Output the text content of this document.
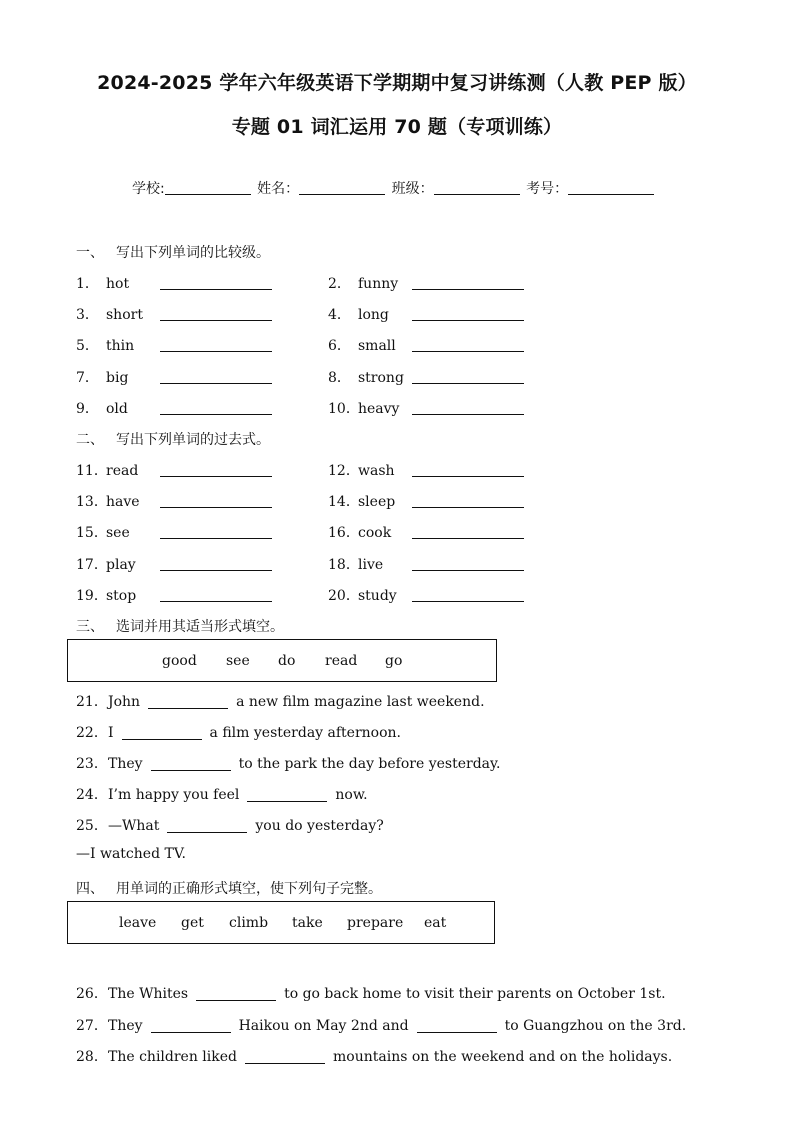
2024-2025 学年六年级英语下学期期中复习讲练测（人教 PEP 版）
专题 01 词汇运用 70 题（专项训练）
学校:	姓名：	班级：	考号：
一、 写出下列单词的比较级。
1． hot	2． funny
3． short	4． long
5． thin	6． small
7． big	8． strong
9． old	10．heavy
二、 写出下列单词的过去式。
11．read	12．wash
13．have	14．sleep
15．see	16．cook
17．play	18．live
19．stop	20．study
三、 选词并用其适当形式填空。
good see do read go
21．John	a new film magazine last weekend.
22．I	a film yesterday afternoon.
23．They	to the park the day before yesterday.
24．I’m happy you feel	now.
25．—What	you do yesterday?
—I watched TV.
四、 用单词的正确形式填空，使下列句子完整。
leave get climb take prepare eat
26．The Whites	to go back home to visit their parents on October 1st.
27．They	Haikou on May 2nd and	to Guangzhou on the 3rd.
28．The children liked	mountains on the weekend and on the holidays.
